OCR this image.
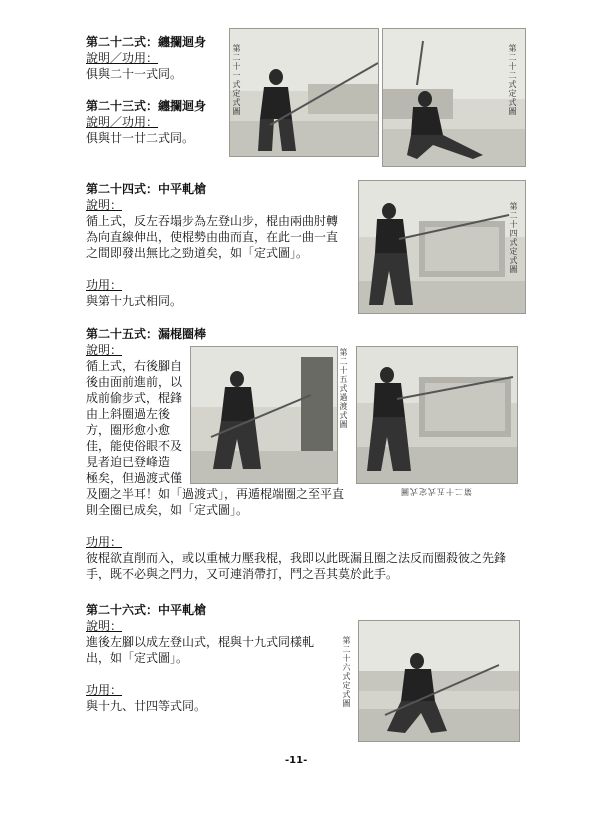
第二十二式：纏攔迴身
說明／功用：
俱與二十一式同。	第二十一式定式圖
第二十三式：纏攔迴身
說明／功用：
俱與廿一廿二式同。
第二十二式定式圖
第二十四式：中平軋槍
說明：
循上式，反左吞塌步為左登山步，棍由兩曲肘轉
為向直線伸出，使棍勢由曲而直，在此一曲一直
之間即發出無比之勁道矣，如「定式圖」。
功用：
與第十九式相同。
第二十四式定式圖
第二十五式：漏棍圈棒
說明：
循上式，右後腳自
後由面前進前，以
成前偷步式，棍鋒
由上斜圈過左後
方，圈形愈小愈
佳，能使俗眼不及
見者迫已登峰造
極矣，但過渡式僅
及圈之半耳！如「過渡式」，再遁棍端圈之至平直
則全圈已成矣，如「定式圖」。
功用：
彼棍欲直削而入，或以重械力壓我棍，我即以此既漏且圈之法反而圈殺彼之先鋒
手，既不必與之鬥力，又可連消帶打，鬥之吾其莫於此手。
第二十五式過渡式圖
第二十五式定式圖
第二十六式：中平軋槍
說明：
進後左腳以成左登山式，棍與十九式同樣軋
出，如「定式圖」。
功用：
與十九、廿四等式同。	第二十六式定式圖
-11-
